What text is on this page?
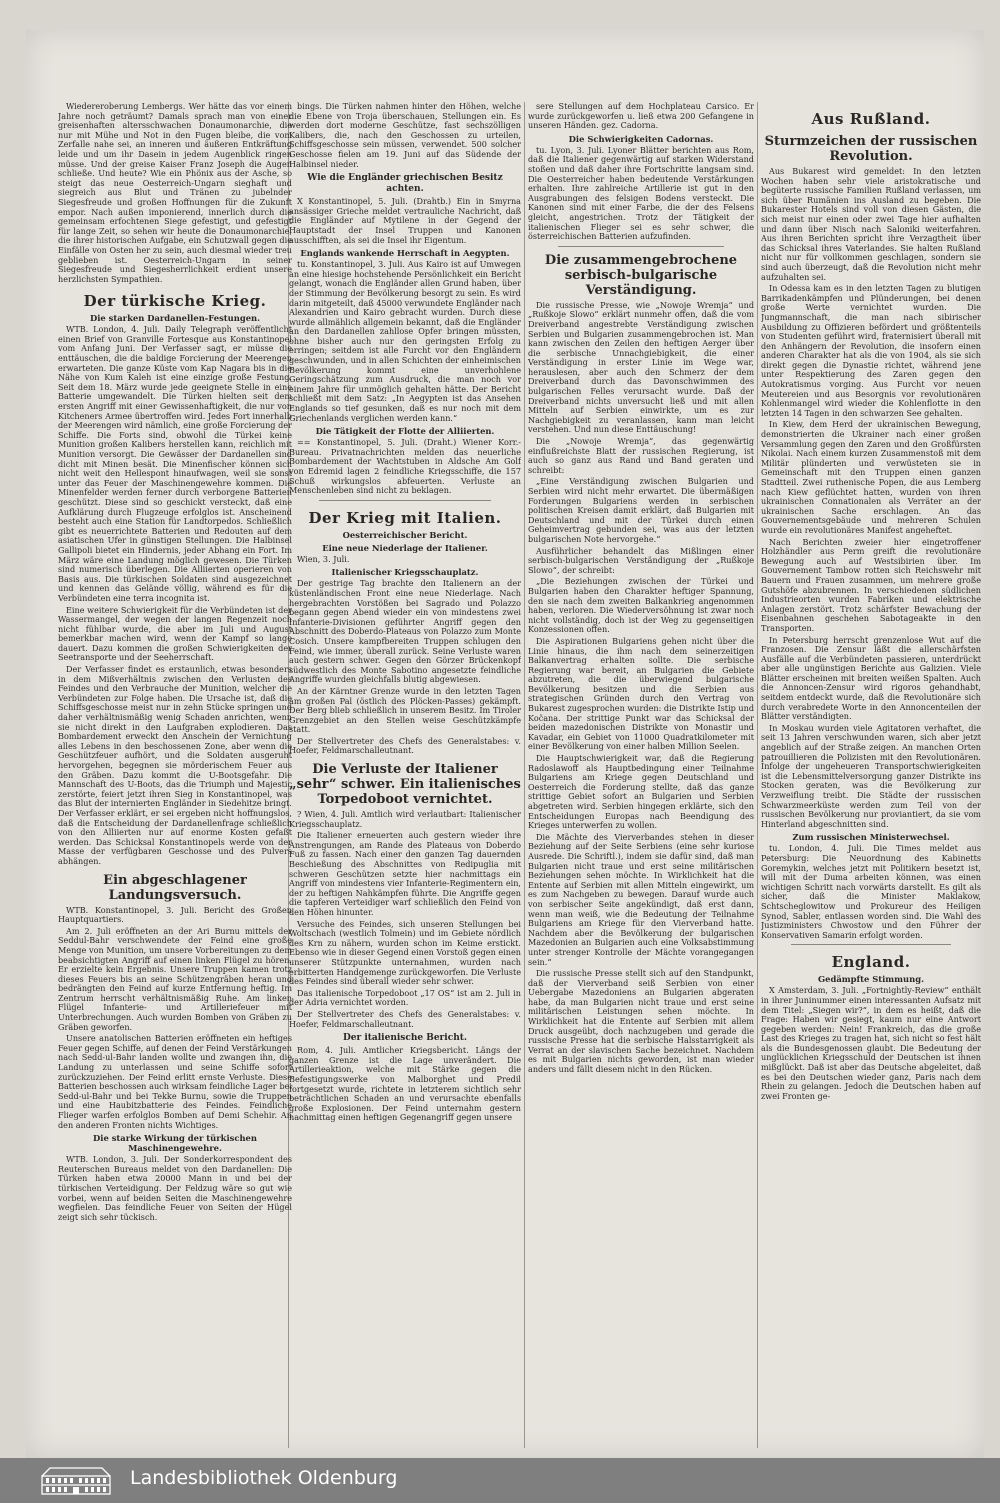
Wiedereroberung Lembergs. Wer hätte das vor einem Jahre noch geträumt? Damals sprach man von einer greisenhaften altersschwachen Donaumonarchie, die nur mit Mühe und Not in den Fugen bleibe, die vom Zerfalle nahe sei, an inneren und äußeren Entkräftung leide und um ihr Dasein in jedem Augenblick ringen müsse. Und der greise Kaiser Franz Joseph die Augen schließe. Und heute? Wie ein Phönix aus der Asche, so steigt das neue Oesterreich-Ungarn sieghaft und siegreich aus Blut und Tränen zu jubelnder Siegesfreude und großen Hoffnungen für die Zukunft empor. Nach außen imponierend, innerlich durch die gemeinsam erfochtenen Siege gefestigt, und gefestigt für lange Zeit, so sehen wir heute die Donaumonarchie, die ihrer historischen Aufgabe, ein Schutzwall gegen die Einfälle von Osten her zu sein, auch diesmal wieder treu geblieben ist. Oesterreich-Ungarn in seiner Siegesfreude und Siegesherrlichkeit erdient unsere herzlichsten Sympathien.

Der türkische Krieg.
Die starken Dardanellen-Festungen.

WTB. London, 4. Juli. Daily Telegraph veröffentlicht einen Brief von Granville Fortesque aus Konstantinopel vom Anfang Juni. Der Verfasser sagt, er müsse die enttäuschen, die die baldige Forcierung der Meerengen erwarteten. Die ganze Küste vom Kap Nagara bis in die Nähe von Kum Kaleh ist eine einzige große Festung. Seit dem 18. März wurde jede geeignete Stelle in eine Batterie umgewandelt. Die Türken hielten seit dem ersten Angriff mit einer Gewissenhaftigkeit, die nur von Kitcheners Armee übertroffen wird. Jedes Fort innerhalb der Meerengen wird nämlich, eine große Forcierung der Schiffe. Die Forts sind, obwohl die Türkei keine Munition großen Kalibers herstellen kann, reichlich mit Munition versorgt. Die Gewässer der Dardanellen sind dicht mit Minen besät. Die Minenfischer können sich nicht weit den Hellespont hinaufwagen, weil sie sonst unter das Feuer der Maschinengewehre kommen. Die Minenfelder werden ferner durch verborgene Batterien geschützt. Diese sind so geschickt versteckt, daß eine Aufklärung durch Flugzeuge erfolglos ist. Anscheinend besteht auch eine Station für Landtorpedos. Schließlich gibt es neuerrichtete Batterien und Redouten auf dem asiatischen Ufer in günstigen Stellungen. Die Halbinsel Gallipoli bietet ein Hindernis, jeder Abhang ein Fort. Im März wäre eine Landung möglich gewesen. Die Türken sind numerisch überlegen. Die Alliierten operieren von Basis aus. Die türkischen Soldaten sind ausgezeichnet und kennen das Gelände völlig, während es für die Verbündeten eine terra incognita ist.

Eine weitere Schwierigkeit für die Verbündeten ist der Wassermangel, der wegen der langen Regenzeit noch nicht fühlbar wurde, die aber im Juli und August bemerkbar machen wird, wenn der Kampf so lange dauert. Dazu kommen die großen Schwierigkeiten der Seetransporte und der Seeherrschaft.

Der Verfasser findet es erstaunlich, etwas besonders in dem Mißverhältnis zwischen den Verlusten des Feindes und den Verbrauche der Munition, welcher die Verbündeten zur Folge haben. Die Ursache ist, daß die Schiffsgeschosse meist nur in zehn Stücke springen und daher verhältnismäßig wenig Schaden anrichten, wenn sie nicht direkt in den Laufgraben explodieren. Das Bombardement erweckt den Anschein der Vernichtung alles Lebens in den beschossenen Zone, aber wenn die Geschützfeuer aufhört, und die Soldaten ausgeruht hervorgehen, begegnen sie mörderischem Feuer aus den Gräben. Dazu kommt die U-Bootsgefahr. Die Mannschaft des U-Boots, das die Triumph und Majestic zerstörte, feiert jetzt ihren Sieg in Konstantinopel, was das Blut der internierten Engländer in Siedehitze bringt. Der Verfasser erklärt, er sei ergeben nicht hoffnungslos, daß die Entscheidung der Dardanellenfrage schließlich von den Alliierten nur auf enorme Kosten gefaßt werden. Das Schicksal Konstantinopels werde von der Masse der verfügbaren Geschosse und des Pulvers abhängen.

Ein abgeschlagener Landungsversuch.

WTB. Konstantinopel, 3. Juli. Bericht des Großen Hauptquartiers.

Am 2. Juli eröffneten an der Ari Burnu mittels der Seddul-Bahr verschwendete der Feind eine große Menge von Munition, um unsere Vorbereitungen zu dem beabsichtigten Angriff auf einen linken Flügel zu hören. Er erzielte kein Ergebnis. Unsere Truppen kamen trotz dieses Feuers bis an seine Schützengräben heran und bedrängten den Feind auf kurze Entfernung heftig. Im Zentrum herrscht verhältnismäßig Ruhe. Am linken Flügel Infanterie- und Artilleriefeuer mit Unterbrechungen. Auch wurden Bomben von Gräben zu Gräben geworfen.

Unsere anatolischen Batterien eröffneten ein heftiges Feuer gegen Schiffe, auf denen der Feind Verstärkungen nach Sedd-ul-Bahr landen wollte und zwangen ihn, die Landung zu unterlassen und seine Schiffe sofort zurückzuziehen. Der Feind erlitt ernste Verluste. Diese Batterien beschossen auch wirksam feindliche Lager bei Sedd-ul-Bahr und bei Tekke Burnu, sowie die Truppen und eine Haubitzbatterie des Feindes. Feindliche Flieger warfen erfolglos Bomben auf Demi Schehir. An den anderen Fronten nichts Wichtiges.

Die starke Wirkung der türkischen Maschinengewehre.

WTB. London, 3. Juli. Der Sonderkorrespondent des Reuterschen Bureaus meldet von den Dardanellen: Die Türken haben etwa 20000 Mann in und bei der türkischen Verteidigung. Der Feldzug wäre so gut wie vorbei, wenn auf beiden Seiten die Maschinengewehre wegfielen. Das feindliche Feuer von Seiten der Hügel zeigt sich sehr tückisch.

bings. Die Türken nahmen hinter den Höhen, welche die Ebene von Troja überschauen, Stellungen ein. Es werden dort moderne Geschütze, fast sechszölligen Kalibers, die, nach den Geschossen zu urteilen, Schiffsgeschosse sein müssen, verwendet. 500 solcher Geschosse fielen am 19. Juni auf das Südende der Halbinsel nieder.

Wie die Engländer griechischen Besitz achten.

X Konstantinopel, 5. Juli. (Drahtb.) Ein in Smyrna ansässiger Grieche meldet vertrauliche Nachricht, daß die Engländer auf Mytilene in der Gegend der Hauptstadt der Insel Truppen und Kanonen ausschifften, als sei die Insel ihr Eigentum.

Englands wankende Herrschaft in Aegypten.

tu. Konstantinopel, 3. Juli. Aus Kairo ist auf Umwegen an eine hiesige hochstehende Persönlichkeit ein Bericht gelangt, wonach die Engländer allen Grund haben, über der Stimmung der Bevölkerung besorgt zu sein. Es wird darin mitgeteilt, daß 45000 verwundete Engländer nach Alexandrien und Kairo gebracht wurden. Durch diese wurde allmählich allgemein bekannt, daß die Engländer an den Dardanellen zahllose Opfer bringen müssten, ohne bisher auch nur den geringsten Erfolg zu erringen; seitdem ist alle Furcht vor den Engländern geschwunden, und in allen Schichten der einheimischen Bevölkerung kommt eine unverhohlene Geringschätzung zum Ausdruck, die man noch vor einem Jahre für unmöglich gehalten hätte. Der Bericht schließt mit dem Satz: „In Aegypten ist das Ansehen Englands so tief gesunken, daß es nur noch mit dem Griechenlands verglichen werden kann.“

Die Tätigkeit der Flotte der Alliierten.

== Konstantinopel, 5. Juli. (Draht.) Wiener Korr.-Bureau. Privatnachrichten melden das neuerliche Bombardement der Wachtstuben in Aldsche Am Golf von Edremid lagen 2 feindliche Kriegsschiffe, die 157 Schuß wirkungslos abfeuerten. Verluste an Menschenleben sind nicht zu beklagen.

Der Krieg mit Italien.
Oesterreichischer Bericht.
Eine neue Niederlage der Italiener.

Wien, 3. Juli.

Italienischer Kriegsschauplatz.

Der gestrige Tag brachte den Italienern an der küstenländischen Front eine neue Niederlage. Nach hergebrachten Vorstößen bei Sagrado und Polazzo begann gegen Abend wieder ein von mindestens zwei Infanterie-Divisionen geführter Angriff gegen den Abschnitt des Doberdo-Plateaus von Polazzo zum Monte Cosich. Unsere kampfbereiten Truppen schlugen den Feind, wie immer, überall zurück. Seine Verluste waren auch gestern schwer. Gegen den Görzer Brückenkopf südwestlich des Monte Sabotino angesetzte feindliche Angriffe wurden gleichfalls blutig abgewiesen.

An der Kärntner Grenze wurde in den letzten Tagen am großen Pal (östlich des Plöcken-Passes) gekämpft. Der Berg blieb schließlich in unserem Besitz. Im Tiroler Grenzgebiet an den Stellen weise Geschützkämpfe statt.

Der Stellvertreter des Chefs des Generalstabes: v. Hoefer, Feldmarschalleutnant.

Die Verluste der Italiener „sehr“ schwer. Ein italienisches Torpedoboot vernichtet.

? Wien, 4. Juli. Amtlich wird verlautbart: Italienischer Kriegsschauplatz.

Die Italiener erneuerten auch gestern wieder ihre Anstrengungen, am Rande des Plateaus von Doberdo Fuß zu fassen. Nach einer den ganzen Tag dauernden Beschießung des Abschnittes von Redipuglia mit schweren Geschützen setzte hier nachmittags ein Angriff von mindestens vier Infanterie-Regimentern ein, der zu heftigen Nahkämpfen führte. Die Angriffe gegen die tapferen Verteidiger warf schließlich den Feind von den Höhen hinunter.

Versuche des Feindes, sich unseren Stellungen bei Woltschach (westlich Tolmein) und im Gebiete nördlich des Krn zu nähern, wurden schon im Keime erstickt. Ebenso wie in dieser Gegend einen Vorstoß gegen einen unserer Stützpunkte unternahmen, wurden nach erbitterten Handgemenge zurückgeworfen. Die Verluste des Feindes sind überall wieder sehr schwer.

Das italienische Torpedoboot „17 OS“ ist am 2. Juli in der Adria vernichtet worden.

Der Stellvertreter des Chefs des Generalstabes: v. Hoefer, Feldmarschalleutnant.

Der italienische Bericht.

Rom, 4. Juli. Amtlicher Kriegsbericht. Längs der ganzen Grenze ist die Lage unverändert. Die Artillerieaktion, welche mit Stärke gegen die Befestigungswerke von Malborghet und Predil fortgesetzt wurde, richtete in letzterem sichtlich sehr beträchtlichen Schaden an und verursachte ebenfalls große Explosionen. Der Feind unternahm gestern nachmittag einen heftigen Gegenangriff gegen unsere

sere Stellungen auf dem Hochplateau Carsico. Er wurde zurückgeworfen u. ließ etwa 200 Gefangene in unseren Händen. gez. Cadorna.

Die Schwierigkeiten Cadornas.

tu. Lyon, 3. Juli. Lyoner Blätter berichten aus Rom, daß die Italiener gegenwärtig auf starken Widerstand stoßen und daß daher ihre Fortschritte langsam sind. Die Oesterreicher haben bedeutende Verstärkungen erhalten. Ihre zahlreiche Artillerie ist gut in den Ausgrabungen des felsigen Bodens versteckt. Die Kanonen sind mit einer Farbe, die der des Felsens gleicht, angestrichen. Trotz der Tätigkeit der italienischen Flieger sei es sehr schwer, die österreichischen Batterien aufzufinden.

Die zusammengebrochene serbisch-bulgarische Verständigung.

Die russische Presse, wie „Nowoje Wremja“ und „Rußkoje Slowo“ erklärt nunmehr offen, daß die vom Dreiverband angestrebte Verständigung zwischen Serbien und Bulgarien zusammengebrochen ist. Man kann zwischen den Zeilen den heftigen Aerger über die serbische Unnachgiebigkeit, die einer Verständigung in erster Linie im Wege war, herauslesen, aber auch den Schmerz der dem Dreiverband durch das Davonschwimmen des bulgarischen Felles verursacht wurde. Daß der Dreiverband nichts unversucht ließ und mit allen Mitteln auf Serbien einwirkte, um es zur Nachgiebigkeit zu veranlassen, kann man leicht verstehen. Und nun diese Enttäuschung!

Die „Nowoje Wremja“, das gegenwärtig einflußreichste Blatt der russischen Regierung, ist auch so ganz aus Rand und Band geraten und schreibt:

„Eine Verständigung zwischen Bulgarien und Serbien wird nicht mehr erwartet. Die übermäßigen Forderungen Bulgariens werden in serbischen politischen Kreisen damit erklärt, daß Bulgarien mit Deutschland und mit der Türkei durch einen Geheimvertrag gebunden sei, was aus der letzten bulgarischen Note hervorgehe.“

Ausführlicher behandelt das Mißlingen einer serbisch-bulgarischen Verständigung der „Rußkoje Slowo“, der schreibt:

„Die Beziehungen zwischen der Türkei und Bulgarien haben den Charakter heftiger Spannung, den sie nach dem zweiten Balkankrieg angenommen haben, verloren. Die Wiederversöhnung ist zwar noch nicht vollständig, doch ist der Weg zu gegenseitigen Konzessionen offen.

Die Aspirationen Bulgariens gehen nicht über die Linie hinaus, die ihm nach dem seinerzeitigen Balkanvertrag erhalten sollte. Die serbische Regierung war bereit, an Bulgarien die Gebiete abzutreten, die die überwiegend bulgarische Bevölkerung besitzen und die Serbien aus strategischen Gründen durch den Vertrag von Bukarest zugesprochen wurden: die Distrikte Istip und Kočana. Der strittige Punkt war das Schicksal der beiden mazedonischen Distrikte von Monastir und Kavadar, ein Gebiet von 11000 Quadratkilometer mit einer Bevölkerung von einer halben Million Seelen.

Die Hauptschwierigkeit war, daß die Regierung Radoslawoff als Hauptbedingung einer Teilnahme Bulgariens am Kriege gegen Deutschland und Oesterreich die Forderung stellte, daß das ganze strittige Gebiet sofort an Bulgarien und Serbien abgetreten wird. Serbien hingegen erklärte, sich den Entscheidungen Europas nach Beendigung des Krieges unterwerfen zu wollen.

Die Mächte des Vierverbandes stehen in dieser Beziehung auf der Seite Serbiens (eine sehr kuriose Ausrede. Die Schriftl.), indem sie dafür sind, daß man Bulgarien nicht traue und erst seine militärischen Beziehungen sehen möchte. In Wirklichkeit hat die Entente auf Serbien mit allen Mitteln eingewirkt, um es zum Nachgeben zu bewegen. Darauf wurde auch von serbischer Seite angekündigt, daß erst dann, wenn man weiß, wie die Bedeutung der Teilnahme Bulgariens am Kriege für den Vierverband hatte. Nachdem aber die Bevölkerung der bulgarischen Mazedonien an Bulgarien auch eine Volksabstimmung unter strenger Kontrolle der Mächte vorangegangen sein.“

Die russische Presse stellt sich auf den Standpunkt, daß der Vierverband seiß Serbien von einer Uebergabe Mazedoniens an Bulgarien abgeraten habe, da man Bulgarien nicht traue und erst seine militärischen Leistungen sehen möchte. In Wirklichkeit hat die Entente auf Serbien mit allem Druck ausgeübt, doch nachzugeben und gerade die russische Presse hat die serbische Halsstarrigkeit als Verrat an der slavischen Sache bezeichnet. Nachdem es mit Bulgarien nichts geworden, ist man wieder anders und fällt diesem nicht in den Rücken.

Aus Rußland.
Sturmzeichen der russischen Revolution.

Aus Bukarest wird gemeldet: In den letzten Wochen haben sehr viele aristokratische und begüterte russische Familien Rußland verlassen, um sich über Rumänien ins Ausland zu begeben. Die Bukarester Hotels sind voll von diesen Gästen, die sich meist nur einen oder zwei Tage hier aufhalten und dann über Nisch nach Saloniki weiterfahren. Aus ihren Berichten spricht ihre Verzagtheit über das Schicksal ihres Vaterlandes. Sie halten Rußland nicht nur für vollkommen geschlagen, sondern sie sind auch überzeugt, daß die Revolution nicht mehr aufzuhalten sei.

In Odessa kam es in den letzten Tagen zu blutigen Barrikadenkämpfen und Plünderungen, bei denen große Werte vernichtet wurden. Die Jungmannschaft, die man nach sibirischer Ausbildung zu Offizieren befördert und größtenteils von Studenten geführt wird, fraternisiert überall mit den Anhängern der Revolution, die insofern einen anderen Charakter hat als die von 1904, als sie sich direkt gegen die Dynastie richtet, während jene unter Respektierung des Zaren gegen den Autokratismus vorging. Aus Furcht vor neuen Meutereien und aus Besorgnis vor revolutionären Kohlenmangel wird wieder die Kohlenflotte in den letzten 14 Tagen in den schwarzen See gehalten.

In Kiew, dem Herd der ukrainischen Bewegung, demonstrierten die Ukrainer nach einer großen Versammlung gegen den Zaren und den Großfürsten Nikolai. Nach einem kurzen Zusammenstoß mit dem Militär plünderten und verwüsteten sie in Gemeinschaft mit den Truppen einen ganzen Stadtteil. Zwei ruthenische Popen, die aus Lemberg nach Kiew geflüchtet hatten, wurden von ihren ukrainischen Connationalen als Verräter an der ukrainischen Sache erschlagen. An das Gouvernementsgebäude und mehreren Schulen wurde ein revolutionäres Manifest angeheftet.

Nach Berichten zweier hier eingetroffener Holzhändler aus Perm greift die revolutionäre Bewegung auch auf Westsibirien über. Im Gouvernement Tambow rotten sich Reichswehr mit Bauern und Frauen zusammen, um mehrere große Gutshöfe abzubrennen. In verschiedenen südlichen Industrieorten wurden Fabriken und elektrische Anlagen zerstört. Trotz schärfster Bewachung der Eisenbahnen geschehen Sabotageakte in den Transporten.

In Petersburg herrscht grenzenlose Wut auf die Franzosen. Die Zensur läßt die allerschärfsten Ausfälle auf die Verbündeten passieren, unterdrückt aber alle ungünstigen Berichte aus Galizien. Viele Blätter erscheinen mit breiten weißen Spalten. Auch die Annoncen-Zensur wird rigoros gehandhabt, seitdem entdeckt wurde, daß die Revolutionäre sich durch verabredete Worte in den Annoncenteilen der Blätter verständigten.

In Moskau wurden viele Agitatoren verhaftet, die seit 13 Jahren verschwunden waren, sich aber jetzt angeblich auf der Straße zeigen. An manchen Orten patrouillieren die Polizisten mit den Revolutionären. Infolge der ungeheueren Transportschwierigkeiten ist die Lebensmittelversorgung ganzer Distrikte ins Stocken geraten, was die Bevölkerung zur Verzweiflung treibt. Die Städte der russischen Schwarzmeerküste werden zum Teil von der russischen Bevölkerung nur proviantiert, da sie vom Hinterland abgeschnitten sind.

Zum russischen Ministerwechsel.

tu. London, 4. Juli. Die Times meldet aus Petersburg: Die Neuordnung des Kabinetts Goremykin, welches jetzt mit Politikern besetzt ist, will mit der Duma arbeiten können, was einen wichtigen Schritt nach vorwärts darstellt. Es gilt als sicher, daß die Minister Maklakow, Schtscheglowitow und Prokureur des Heiligen Synod, Sabler, entlassen worden sind. Die Wahl des Justizministers Chwostow und den Führer der Konservativen Samarin erfolgt worden.

England.
Gedämpfte Stimmung.

X Amsterdam, 3. Juli. „Fortnightly-Review“ enthält in ihrer Juninummer einen interessanten Aufsatz mit dem Titel: „Siegen wir?“, in dem es heißt, daß die Frage: Haben wir gesiegt, kaum nur eine Antwort gegeben werden: Nein! Frankreich, das die große Last des Krieges zu tragen hat, sich nicht so fest hält als die Bundesgenossen glaubt. Die Bedeutung der unglücklichen Kriegsschuld der Deutschen ist ihnen mißglückt. Daß ist aber das Deutsche abgeleitet, daß es bei den Deutschen wieder ganz, Paris nach dem Rhein zu gelangen. Jedoch die Deutschen haben auf zwei Fronten ge-

Landesbibliothek Oldenburg
